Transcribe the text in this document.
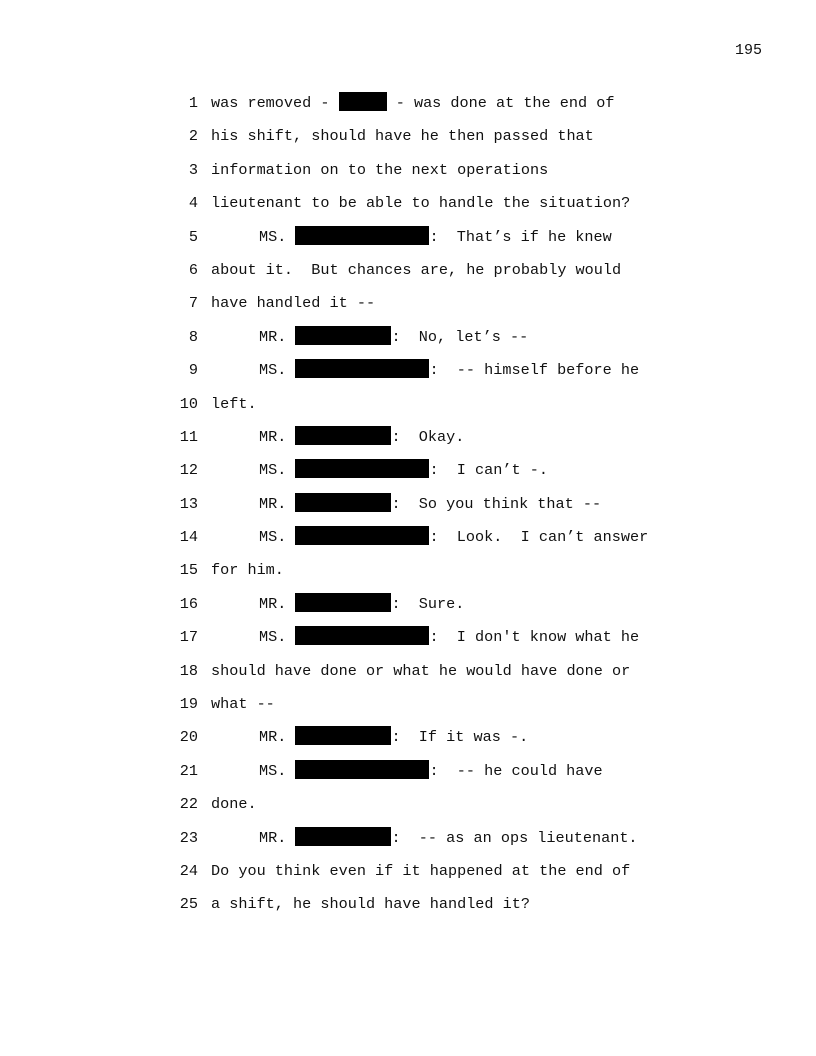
195
1 was removed -	- was done at the end of
2 his shift, should have he then passed that
3 information on to the next operations
4 lieutenant to be able to handle the situation?
5	MS.	:  That’s if he knew
6 about it.  But chances are, he probably would
7 have handled it --
8	MR.	:  No, let’s --
9	MS.	:  -- himself before he
10 left.
11	MR.	:  Okay.
12	MS.	:  I can’t -.
13	MR.	:  So you think that --
14	MS.	:  Look.  I can’t answer
15 for him.
16	MR.	:  Sure.
17	MS.	:  I don't know what he
18 should have done or what he would have done or
19 what --
20	MR.	:  If it was -.
21	MS.	:  -- he could have
22 done.
23	MR.	:  -- as an ops lieutenant.
24 Do you think even if it happened at the end of
25 a shift, he should have handled it?
